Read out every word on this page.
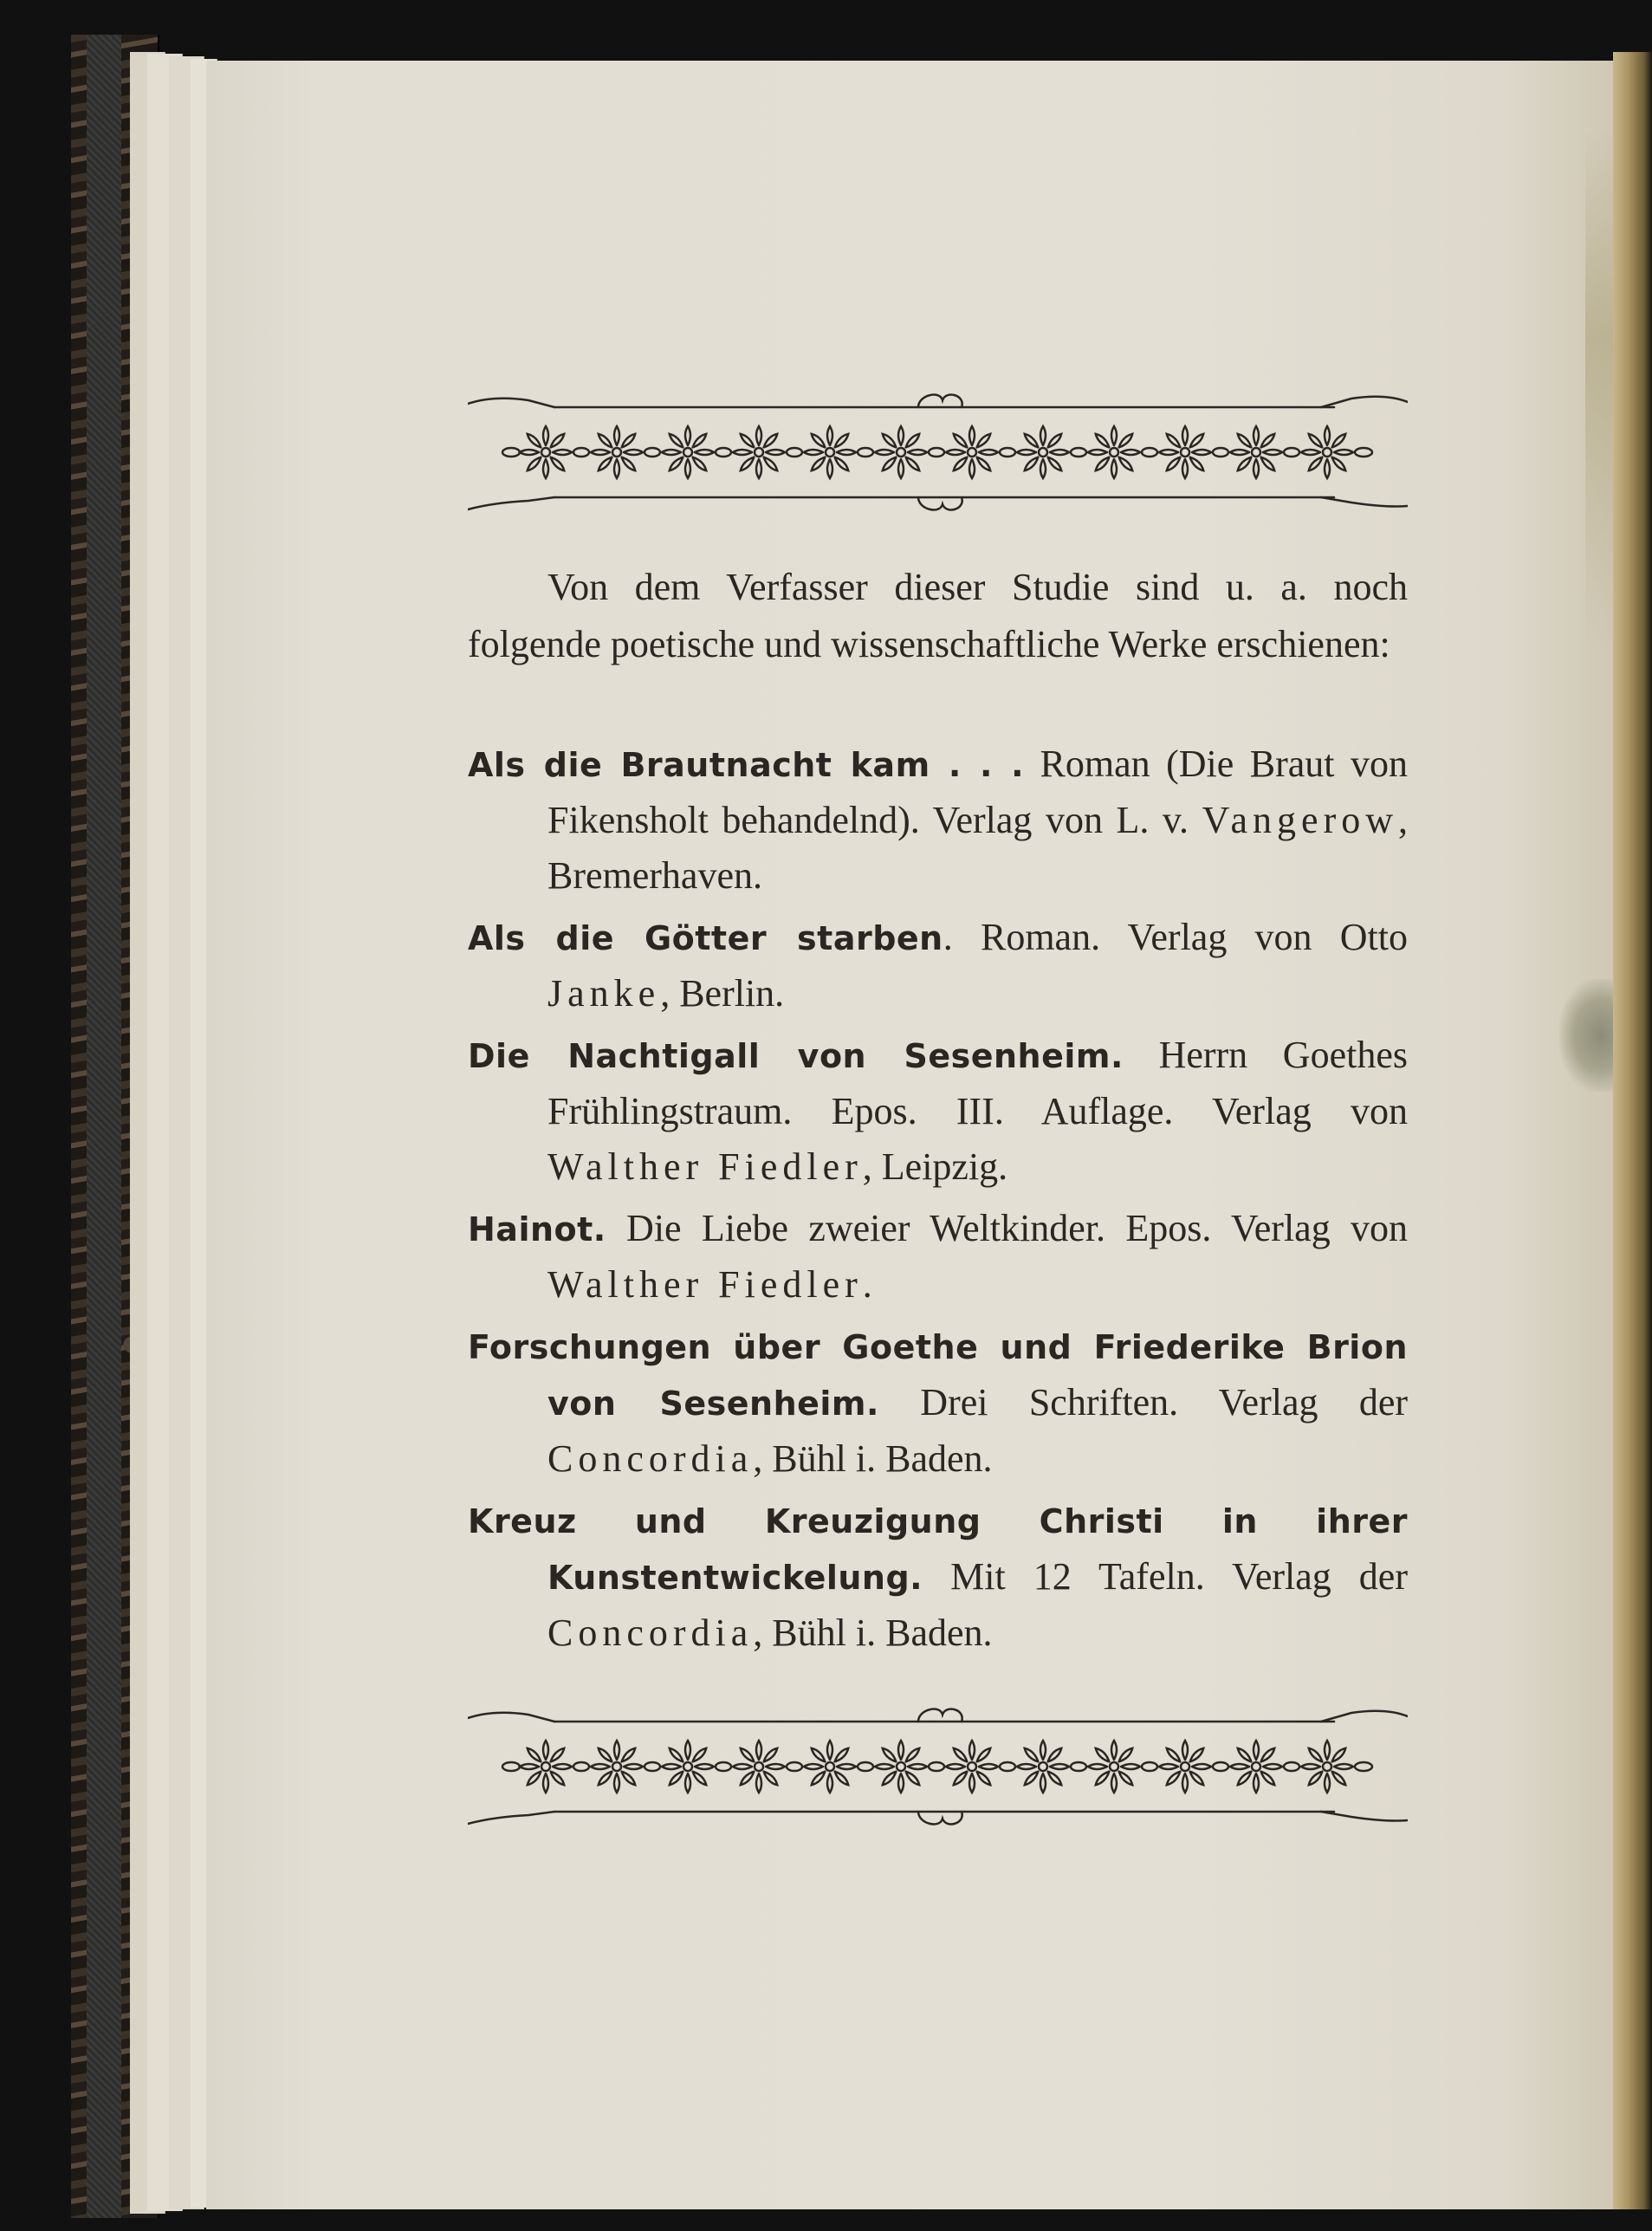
Von dem Verfasser dieser Studie sind u. a. noch folgende poetische und wissenschaftliche Werke erschienen:

Als die Brautnacht kam . . . Roman (Die Braut von Fikensholt behandelnd). Verlag von L. v. Vangerow, Bremerhaven.

Als die Götter starben. Roman. Verlag von Otto Janke, Berlin.

Die Nachtigall von Sesenheim. Herrn Goethes Frühlingstraum. Epos. III. Auflage. Verlag von Walther Fiedler, Leipzig.

Hainot. Die Liebe zweier Weltkinder. Epos. Verlag von Walther Fiedler.

Forschungen über Goethe und Friederike Brion von Sesenheim. Drei Schriften. Verlag der Concordia, Bühl i. Baden.

Kreuz und Kreuzigung Christi in ihrer Kunstentwickelung. Mit 12 Tafeln. Verlag der Concordia, Bühl i. Baden.
